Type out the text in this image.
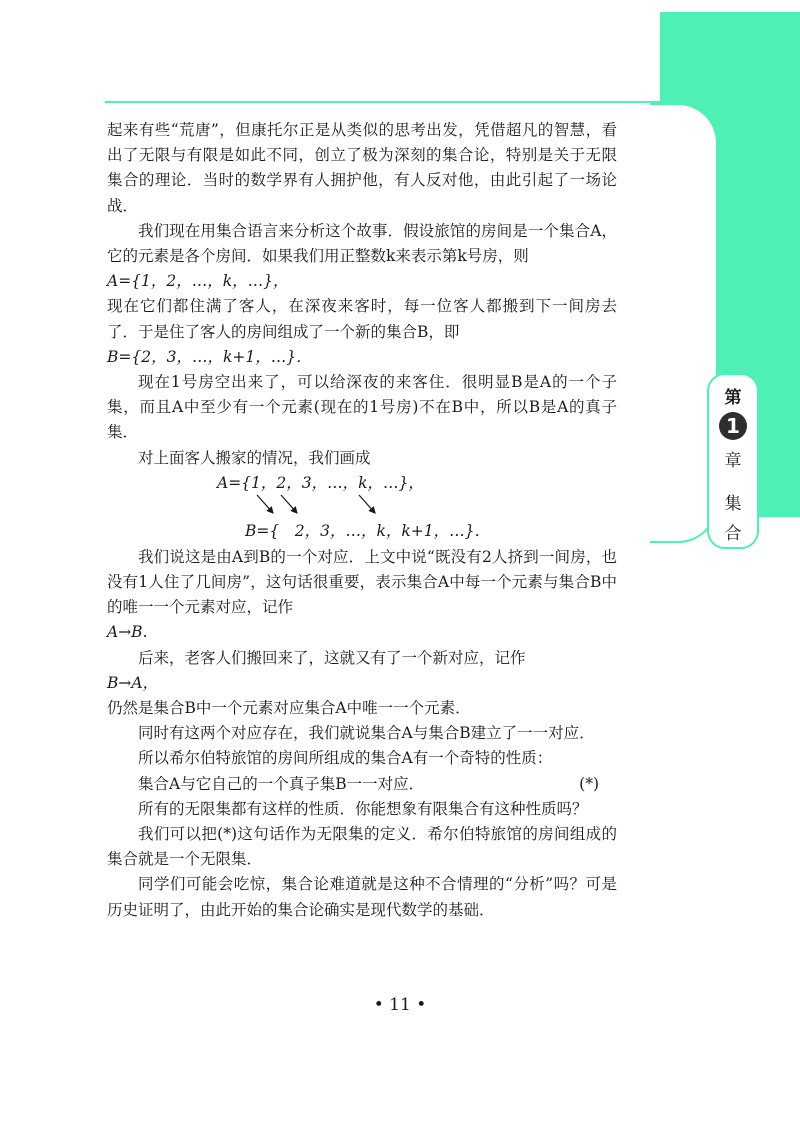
第
1
章
集
合

起来有些“荒唐”，但康托尔正是从类似的思考出发，凭借超凡的智慧，看出了无限与有限是如此不同，创立了极为深刻的集合论，特别是关于无限集合的理论．当时的数学界有人拥护他，有人反对他，由此引起了一场论战．

我们现在用集合语言来分析这个故事．假设旅馆的房间是一个集合A，它的元素是各个房间．如果我们用正整数k来表示第k号房，则

A={1，2，…，k，…}，

现在它们都住满了客人，在深夜来客时，每一位客人都搬到下一间房去了．于是住了客人的房间组成了一个新的集合B，即

B={2，3，…，k+1，…}．

现在1号房空出来了，可以给深夜的来客住．很明显B是A的一个子集，而且A中至少有一个元素(现在的1号房)不在B中，所以B是A的真子集．

对上面客人搬家的情况，我们画成

A={1，2，3，…，k，…}，
B={　2，3，…，k，k+1，…}．

我们说这是由A到B的一个对应．上文中说“既没有2人挤到一间房，也没有1人住了几间房”，这句话很重要，表示集合A中每一个元素与集合B中的唯一一个元素对应，记作

A→B.

后来，老客人们搬回来了，这就又有了一个新对应，记作

B→A，

仍然是集合B中一个元素对应集合A中唯一一个元素．

同时有这两个对应存在，我们就说集合A与集合B建立了一一对应．

所以希尔伯特旅馆的房间所组成的集合A有一个奇特的性质：

集合A与它自己的一个真子集B一一对应．	(*)

所有的无限集都有这样的性质．你能想象有限集合有这种性质吗？

我们可以把(*)这句话作为无限集的定义．希尔伯特旅馆的房间组成的集合就是一个无限集．

同学们可能会吃惊，集合论难道就是这种不合情理的“分析”吗？可是历史证明了，由此开始的集合论确实是现代数学的基础．

• 11 •
